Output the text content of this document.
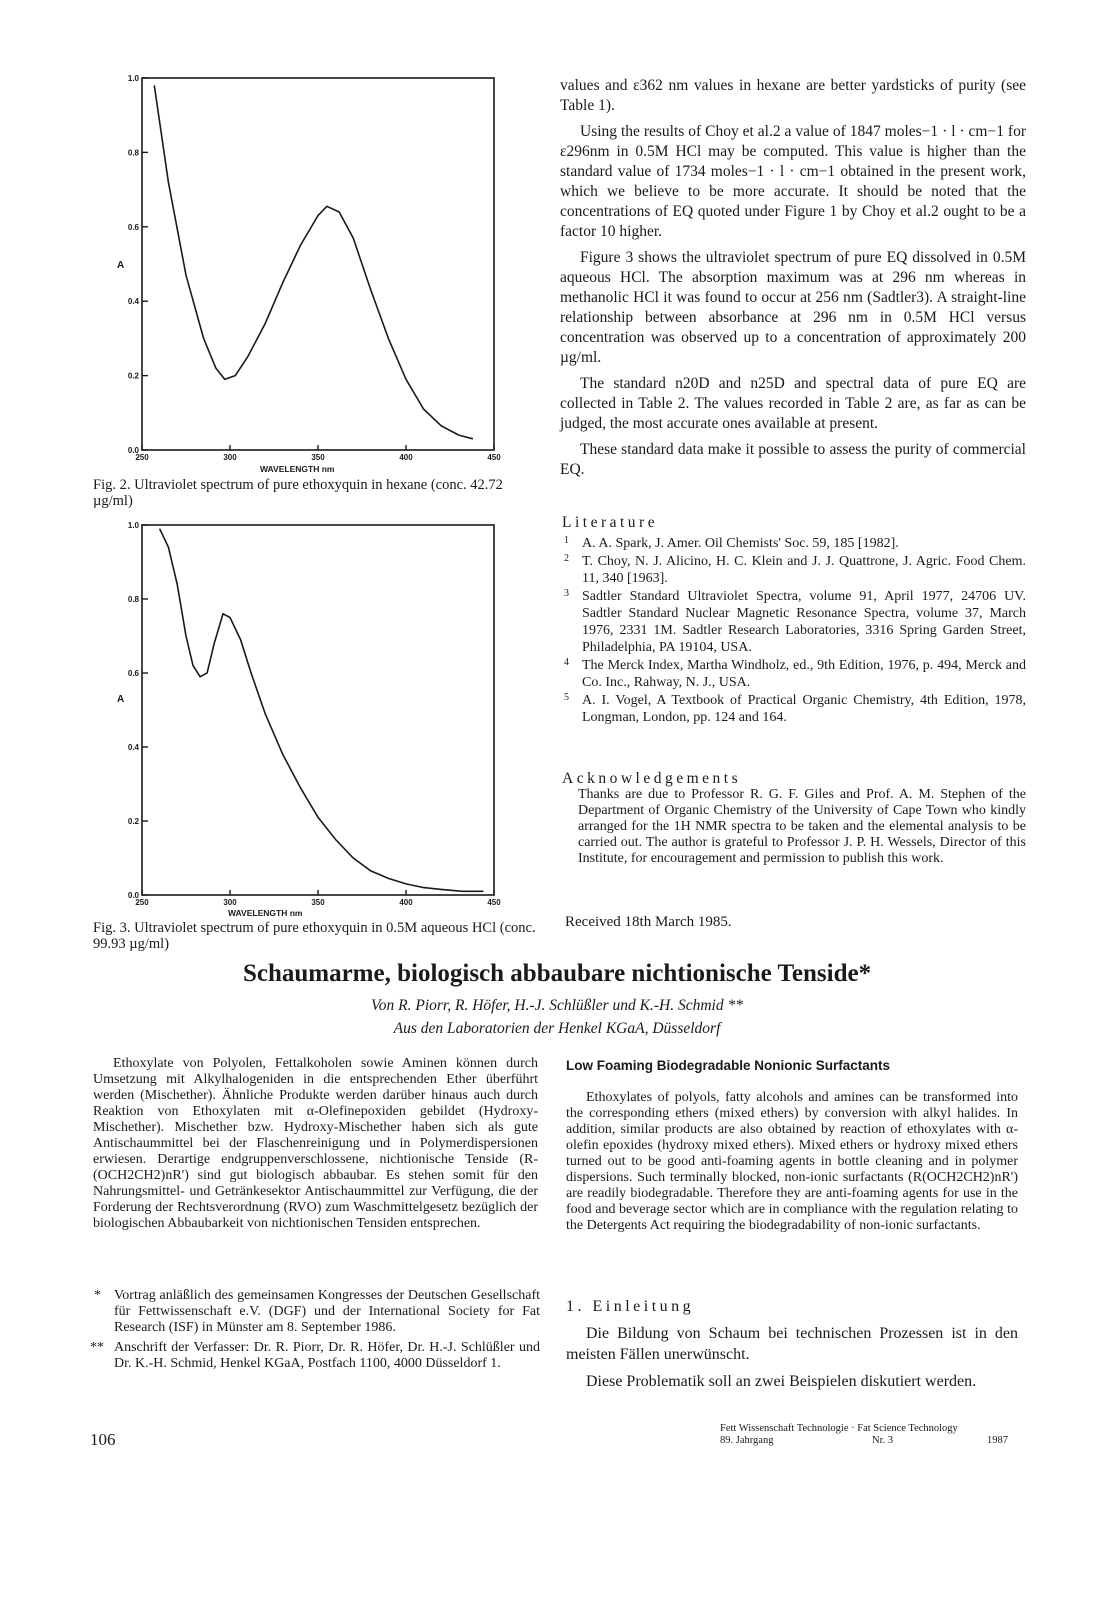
1.0
0.8
0.6
0.4
0.2
0.0
250	300	350	400	450
A
WAVELENGTH nm
Fig. 2. Ultraviolet spectrum of pure ethoxyquin in hexane (conc. 42.72 µg/ml)
1.0
0.8
0.6
0.4
0.2
0.0
250	300	350	400	450
A
WAVELENGTH nm
Fig. 3. Ultraviolet spectrum of pure ethoxyquin in 0.5M aqueous HCl (conc. 99.93 µg/ml)

values and ε362 nm values in hexane are better yardsticks of purity (see Table 1).

Using the results of Choy et al.2 a value of 1847 moles−1 · l · cm−1 for ε296nm in 0.5M HCl may be computed. This value is higher than the standard value of 1734 moles−1 · l · cm−1 obtained in the present work, which we believe to be more accurate. It should be noted that the concentrations of EQ quoted under Figure 1 by Choy et al.2 ought to be a factor 10 higher.

Figure 3 shows the ultraviolet spectrum of pure EQ dissolved in 0.5M aqueous HCl. The absorption maximum was at 296 nm whereas in methanolic HCl it was found to occur at 256 nm (Sadtler3). A straight-line relationship between absorbance at 296 nm in 0.5M HCl versus concentration was observed up to a concentration of approximately 200 µg/ml.

The standard n20D and n25D and spectral data of pure EQ are collected in Table 2. The values recorded in Table 2 are, as far as can be judged, the most accurate ones available at present.

These standard data make it possible to assess the purity of commercial EQ.

Literature
1 A. A. Spark, J. Amer. Oil Chemists' Soc. 59, 185 [1982].
2 T. Choy, N. J. Alicino, H. C. Klein and J. J. Quattrone, J. Agric. Food Chem. 11, 340 [1963].
3 Sadtler Standard Ultraviolet Spectra, volume 91, April 1977, 24706 UV. Sadtler Standard Nuclear Magnetic Resonance Spectra, volume 37, March 1976, 2331 1M. Sadtler Research Laboratories, 3316 Spring Garden Street, Philadelphia, PA 19104, USA.
4 The Merck Index, Martha Windholz, ed., 9th Edition, 1976, p. 494, Merck and Co. Inc., Rahway, N. J., USA.
5 A. I. Vogel, A Textbook of Practical Organic Chemistry, 4th Edition, 1978, Longman, London, pp. 124 and 164.
Acknowledgements
Thanks are due to Professor R. G. F. Giles and Prof. A. M. Stephen of the Department of Organic Chemistry of the University of Cape Town who kindly arranged for the 1H NMR spectra to be taken and the elemental analysis to be carried out. The author is grateful to Professor J. P. H. Wessels, Director of this Institute, for encouragement and permission to publish this work.
Received 18th March 1985.
Schaumarme, biologisch abbaubare nichtionische Tenside*
Von R. Piorr, R. Höfer, H.-J. Schlüßler und K.-H. Schmid **
Aus den Laboratorien der Henkel KGaA, Düsseldorf
Ethoxylate von Polyolen, Fettalkoholen sowie Aminen können durch Umsetzung mit Alkylhalogeniden in die entsprechenden Ether überführt werden (Mischether). Ähnliche Produkte werden darüber hinaus auch durch Reaktion von Ethoxylaten mit α-Olefinepoxiden gebildet (Hydroxy-Mischether). Mischether bzw. Hydroxy-Mischether haben sich als gute Antischaummittel bei der Flaschenreinigung und in Polymerdispersionen erwiesen. Derartige endgruppenverschlossene, nichtionische Tenside (R-(OCH2CH2)nR') sind gut biologisch abbaubar. Es stehen somit für den Nahrungsmittel- und Getränkesektor Antischaummittel zur Verfügung, die der Forderung der Rechtsverordnung (RVO) zum Waschmittelgesetz bezüglich der biologischen Abbaubarkeit von nichtionischen Tensiden entsprechen.
Low Foaming Biodegradable Nonionic Surfactants
Ethoxylates of polyols, fatty alcohols and amines can be transformed into the corresponding ethers (mixed ethers) by conversion with alkyl halides. In addition, similar products are also obtained by reaction of ethoxylates with α-olefin epoxides (hydroxy mixed ethers). Mixed ethers or hydroxy mixed ethers turned out to be good anti-foaming agents in bottle cleaning and in polymer dispersions. Such terminally blocked, non-ionic surfactants (R(OCH2CH2)nR') are readily biodegradable. Therefore they are anti-foaming agents for use in the food and beverage sector which are in compliance with the regulation relating to the Detergents Act requiring the biodegradability of non-ionic surfactants.
* Vortrag anläßlich des gemeinsamen Kongresses der Deutschen Gesellschaft für Fettwissenschaft e.V. (DGF) und der International Society for Fat Research (ISF) in Münster am 8. September 1986.
** Anschrift der Verfasser: Dr. R. Piorr, Dr. R. Höfer, Dr. H.-J. Schlüßler und Dr. K.-H. Schmid, Henkel KGaA, Postfach 1100, 4000 Düsseldorf 1.
1. Einleitung

Die Bildung von Schaum bei technischen Prozessen ist in den meisten Fällen unerwünscht.

Diese Problematik soll an zwei Beispielen diskutiert werden.

106
Fett Wissenschaft Technologie · Fat Science Technology
89. Jahrgang	Nr. 3	1987
